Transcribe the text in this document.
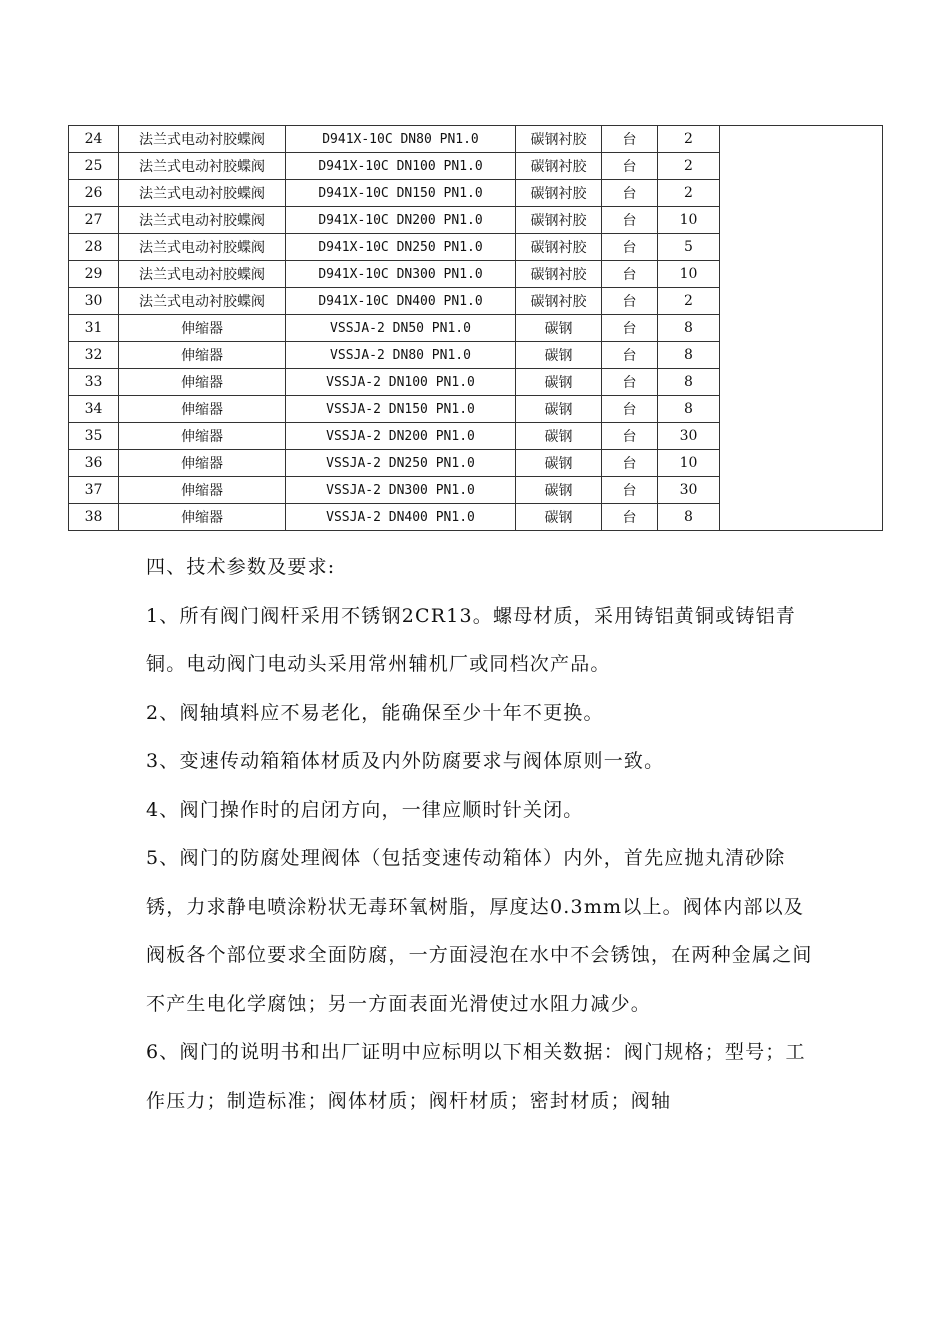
24	法兰式电动衬胶蝶阀	D941X-10C DN80 PN1.0	碳钢衬胶	台	2	
25	法兰式电动衬胶蝶阀	D941X-10C DN100 PN1.0	碳钢衬胶	台	2	
26	法兰式电动衬胶蝶阀	D941X-10C DN150 PN1.0	碳钢衬胶	台	2	
27	法兰式电动衬胶蝶阀	D941X-10C DN200 PN1.0	碳钢衬胶	台	10	
28	法兰式电动衬胶蝶阀	D941X-10C DN250 PN1.0	碳钢衬胶	台	5	
29	法兰式电动衬胶蝶阀	D941X-10C DN300 PN1.0	碳钢衬胶	台	10	
30	法兰式电动衬胶蝶阀	D941X-10C DN400 PN1.0	碳钢衬胶	台	2	
31	伸缩器	VSSJA-2 DN50 PN1.0	碳钢	台	8	
32	伸缩器	VSSJA-2 DN80 PN1.0	碳钢	台	8	
33	伸缩器	VSSJA-2 DN100 PN1.0	碳钢	台	8	
34	伸缩器	VSSJA-2 DN150 PN1.0	碳钢	台	8	
35	伸缩器	VSSJA-2 DN200 PN1.0	碳钢	台	30	
36	伸缩器	VSSJA-2 DN250 PN1.0	碳钢	台	10	
37	伸缩器	VSSJA-2 DN300 PN1.0	碳钢	台	30	
38	伸缩器	VSSJA-2 DN400 PN1.0	碳钢	台	8	

四、技术参数及要求:

1、所有阀门阀杆采用不锈钢2CR13。螺母材质，采用铸铝黄铜或铸铝青铜。电动阀门电动头采用常州辅机厂或同档次产品。

2、阀轴填料应不易老化，能确保至少十年不更换。

3、变速传动箱箱体材质及内外防腐要求与阀体原则一致。

4、阀门操作时的启闭方向，一律应顺时针关闭。

5、阀门的防腐处理阀体（包括变速传动箱体）内外，首先应抛丸清砂除锈，力求静电喷涂粉状无毒环氧树脂，厚度达0.3mm以上。阀体内部以及阀板各个部位要求全面防腐，一方面浸泡在水中不会锈蚀，在两种金属之间不产生电化学腐蚀；另一方面表面光滑使过水阻力减少。

6、阀门的说明书和出厂证明中应标明以下相关数据：阀门规格；型号；工作压力；制造标准；阀体材质；阀杆材质；密封材质；阀轴
